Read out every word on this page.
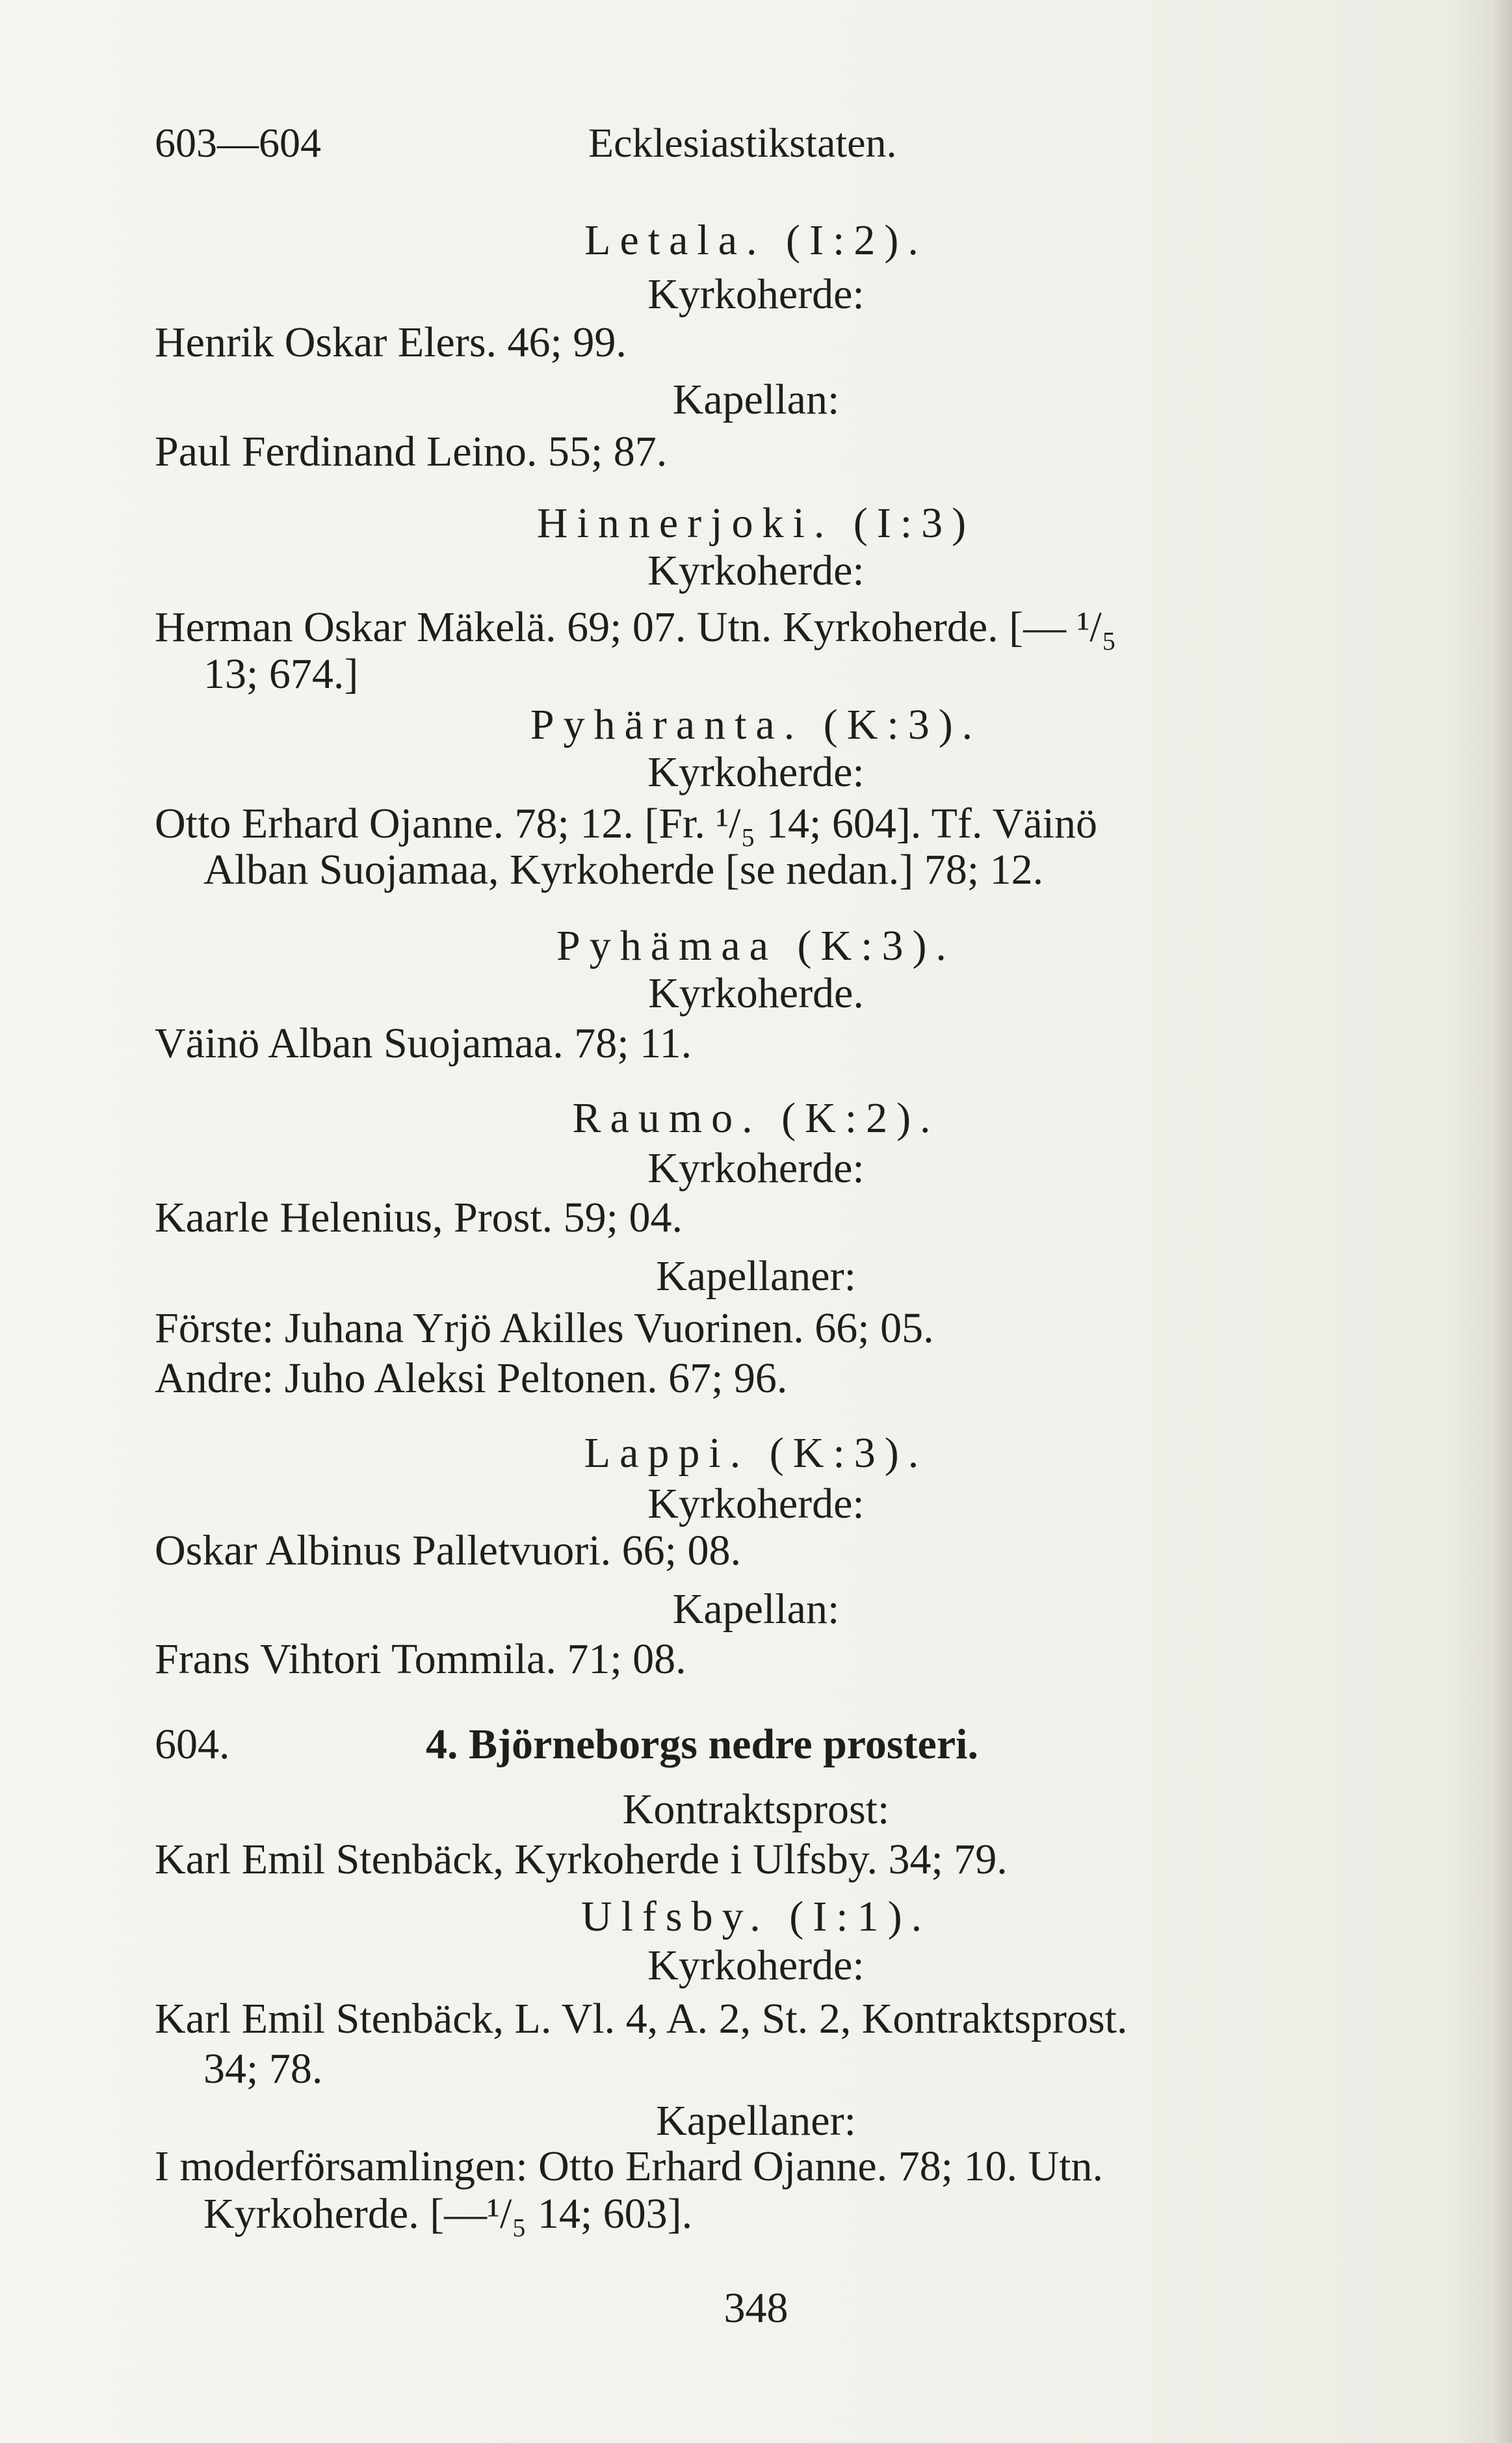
603—604	Ecklesiastikstaten.
Letala. (I:2).
Kyrkoherde:
Henrik Oskar Elers. 46; 99.
Kapellan:
Paul Ferdinand Leino. 55; 87.
Hinnerjoki. (I:3)
Kyrkoherde:
Herman Oskar Mäkelä. 69; 07. Utn. Kyrkoherde. [— ¹/₅
13; 674.]
Pyhäranta. (K:3).
Kyrkoherde:
Otto Erhard Ojanne. 78; 12. [Fr. ¹/₅ 14; 604]. Tf. Väinö
Alban Suojamaa, Kyrkoherde [se nedan.] 78; 12.
Pyhämaa (K:3).
Kyrkoherde.
Väinö Alban Suojamaa. 78; 11.
Raumo. (K:2).
Kyrkoherde:
Kaarle Helenius, Prost. 59; 04.
Kapellaner:
Förste: Juhana Yrjö Akilles Vuorinen. 66; 05.
Andre: Juho Aleksi Peltonen. 67; 96.
Lappi. (K:3).
Kyrkoherde:
Oskar Albinus Palletvuori. 66; 08.
Kapellan:
Frans Vihtori Tommila. 71; 08.
604.	4. Björneborgs nedre prosteri.
Kontraktsprost:
Karl Emil Stenbäck, Kyrkoherde i Ulfsby. 34; 79.
Ulfsby. (I:1).
Kyrkoherde:
Karl Emil Stenbäck, L. Vl. 4, A. 2, St. 2, Kontraktsprost.
34; 78.
Kapellaner:
I moderförsamlingen: Otto Erhard Ojanne. 78; 10. Utn.
Kyrkoherde. [—¹/₅ 14; 603].
348
